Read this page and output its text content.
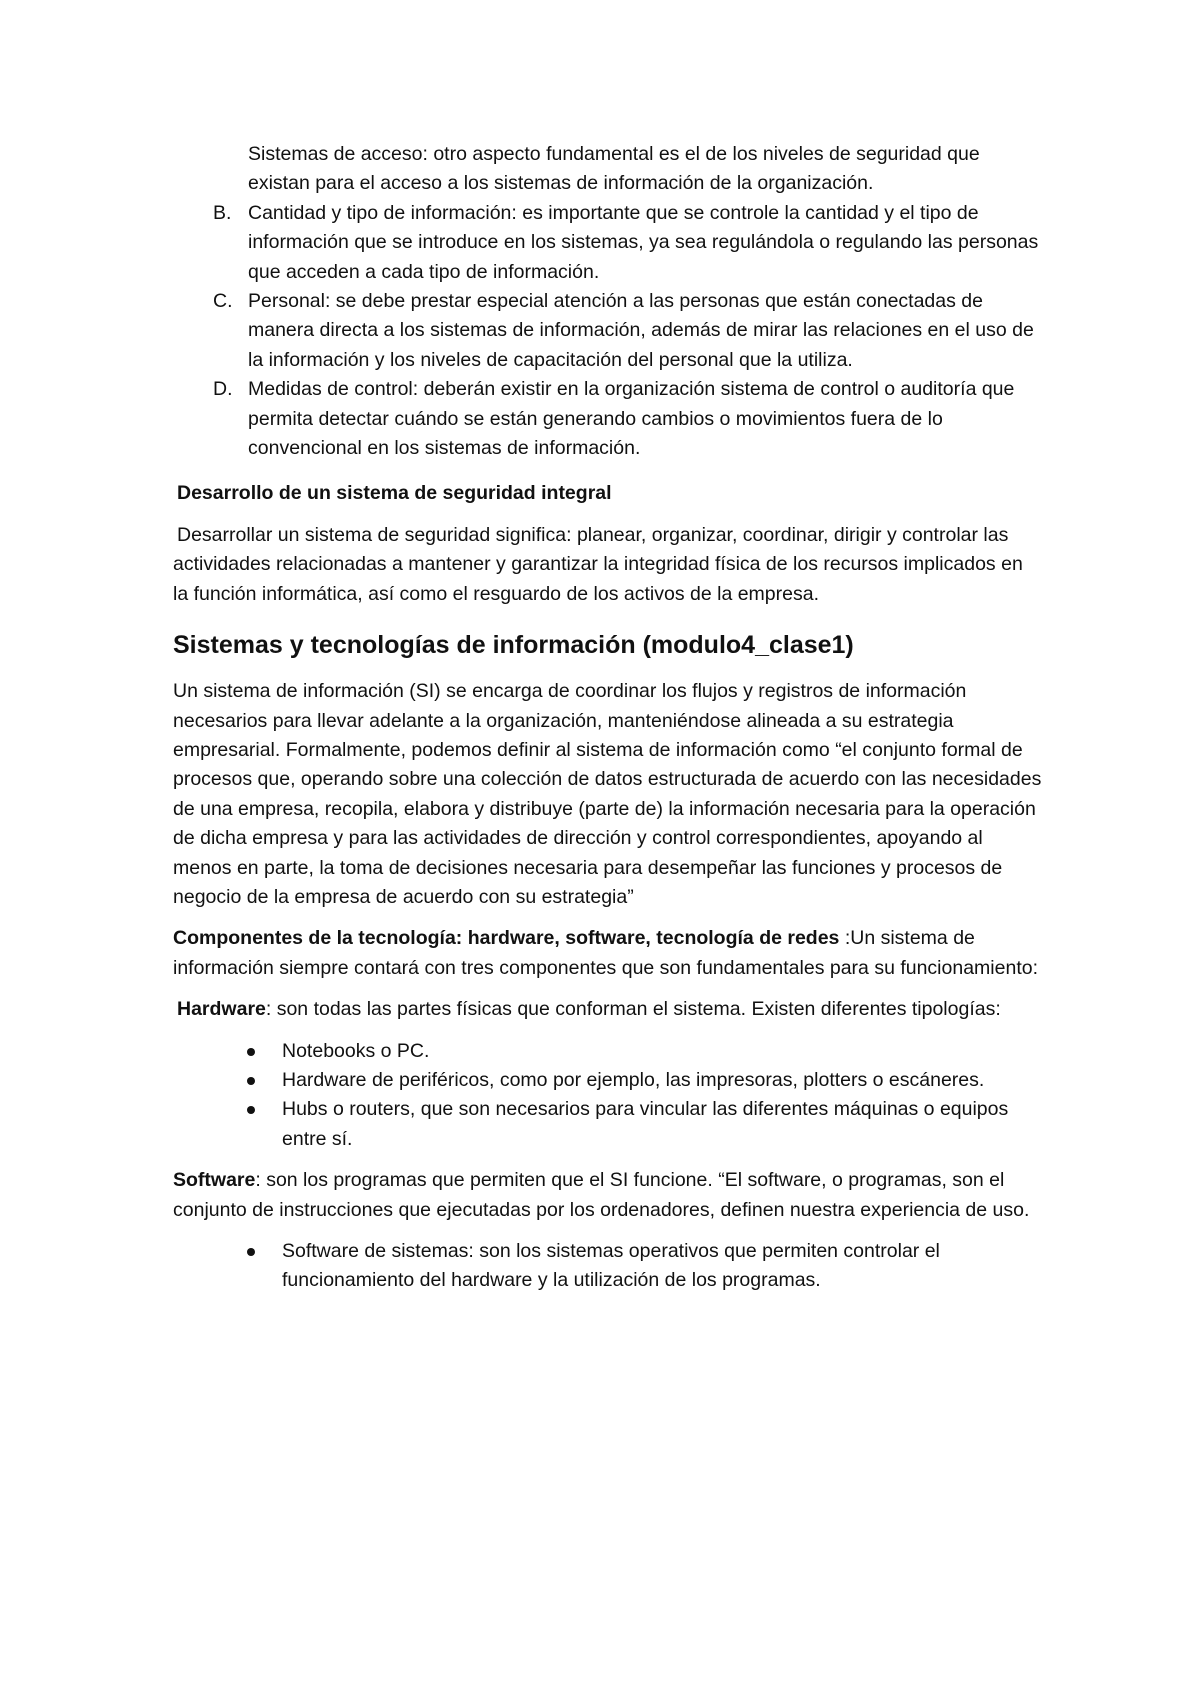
Sistemas de acceso: otro aspecto fundamental es el de los niveles de seguridad que existan para el acceso a los sistemas de información de la organización.
B. Cantidad y tipo de información: es importante que se controle la cantidad y el tipo de información que se introduce en los sistemas, ya sea regulándola o regulando las personas que acceden a cada tipo de información.
C. Personal: se debe prestar especial atención a las personas que están conectadas de manera directa a los sistemas de información, además de mirar las relaciones en el uso de la información y los niveles de capacitación del personal que la utiliza.
D. Medidas de control: deberán existir en la organización sistema de control o auditoría que permita detectar cuándo se están generando cambios o movimientos fuera de lo convencional en los sistemas de información.
Desarrollo de un sistema de seguridad integral

Desarrollar un sistema de seguridad significa: planear, organizar, coordinar, dirigir y controlar las actividades relacionadas a mantener y garantizar la integridad física de los recursos implicados en la función informática, así como el resguardo de los activos de la empresa.

Sistemas y tecnologías de información (modulo4_clase1)

Un sistema de información (SI) se encarga de coordinar los flujos y registros de información necesarios para llevar adelante a la organización, manteniéndose alineada a su estrategia empresarial. Formalmente, podemos definir al sistema de información como “el conjunto formal de procesos que, operando sobre una colección de datos estructurada de acuerdo con las necesidades de una empresa, recopila, elabora y distribuye (parte de) la información necesaria para la operación de dicha empresa y para las actividades de dirección y control correspondientes, apoyando al menos en parte, la toma de decisiones necesaria para desempeñar las funciones y procesos de negocio de la empresa de acuerdo con su estrategia”

Componentes de la tecnología: hardware, software, tecnología de redes :Un sistema de información siempre contará con tres componentes que son fundamentales para su funcionamiento:

Hardware: son todas las partes físicas que conforman el sistema. Existen diferentes tipologías:

Notebooks o PC.
Hardware de periféricos, como por ejemplo, las impresoras, plotters o escáneres.
Hubs o routers, que son necesarios para vincular las diferentes máquinas o equipos entre sí.

Software: son los programas que permiten que el SI funcione. “El software, o programas, son el conjunto de instrucciones que ejecutadas por los ordenadores, definen nuestra experiencia de uso.

Software de sistemas: son los sistemas operativos que permiten controlar el funcionamiento del hardware y la utilización de los programas.
